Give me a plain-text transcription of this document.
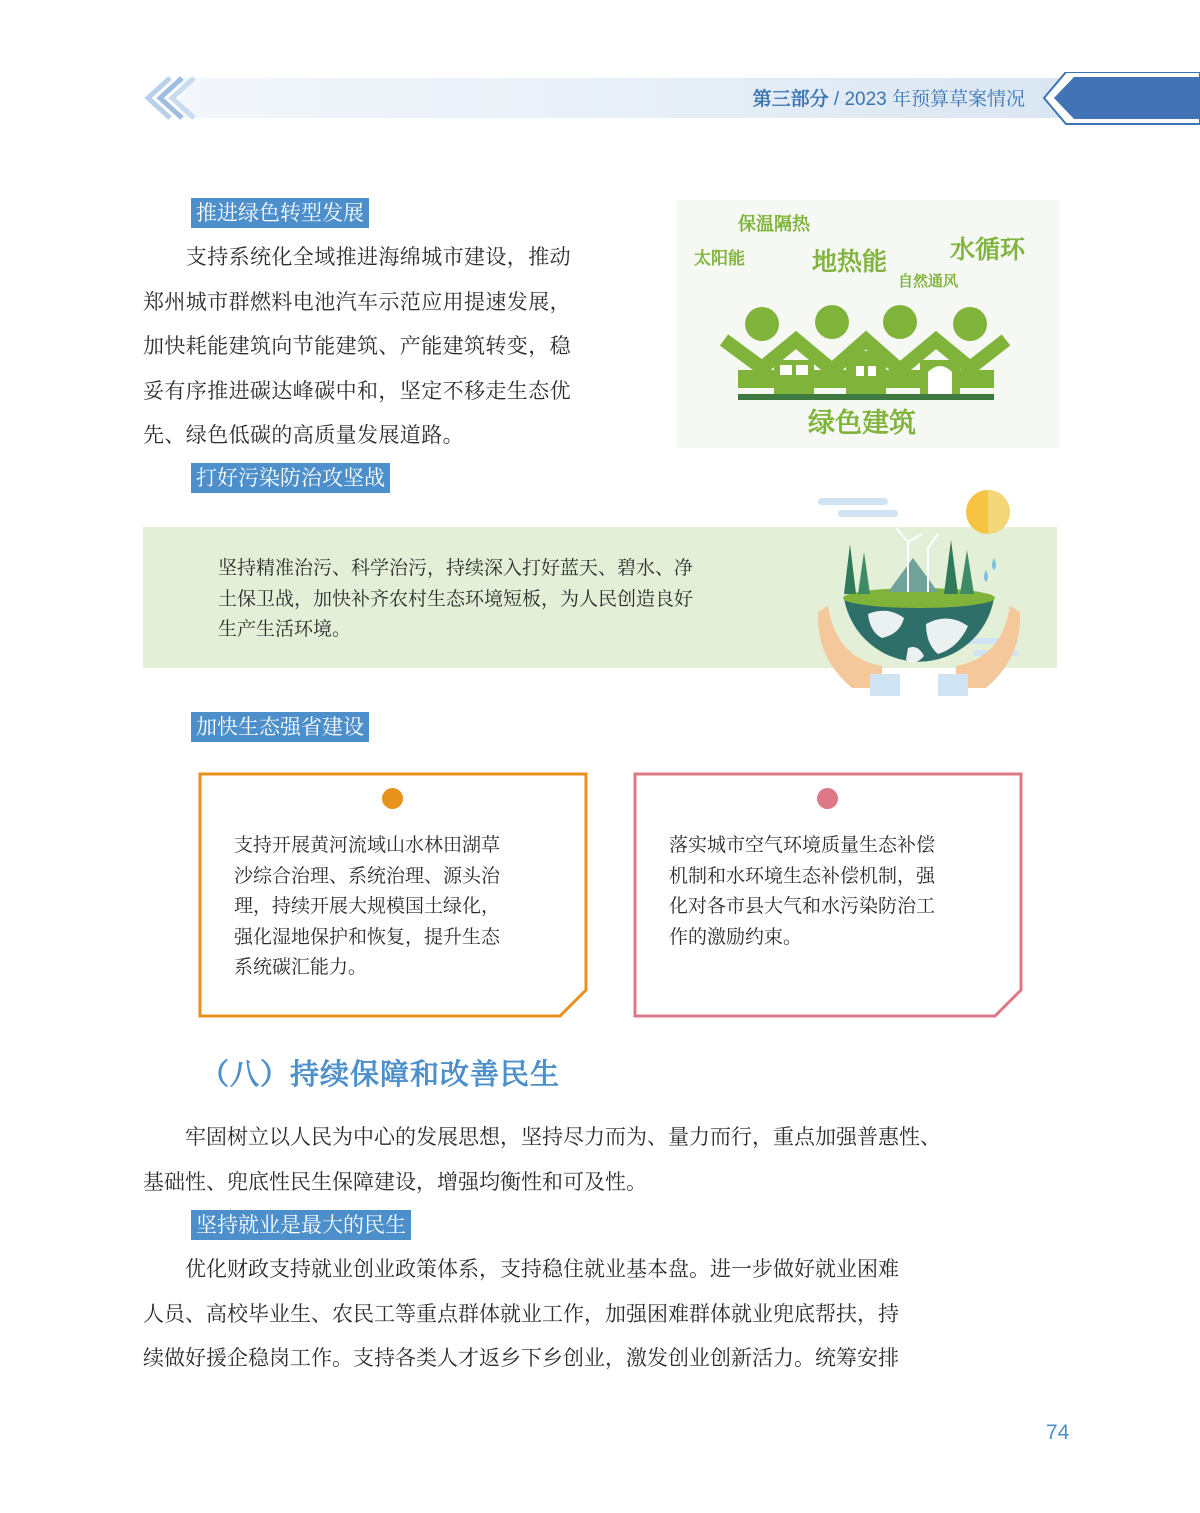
第三部分 / 2023 年预算草案情况
推进绿色转型发展
　　支持系统化全域推进海绵城市建设，推动
郑州城市群燃料电池汽车示范应用提速发展，
加快耗能建筑向节能建筑、产能建筑转变，稳
妥有序推进碳达峰碳中和，坚定不移走生态优
先、绿色低碳的高质量发展道路。
保温隔热
太阳能	地热能	水循环
自然通风
绿色建筑
打好污染防治攻坚战
坚持精准治污、科学治污，持续深入打好蓝天、碧水、净
土保卫战，加快补齐农村生态环境短板，为人民创造良好
生产生活环境。
加快生态强省建设
支持开展黄河流域山水林田湖草
沙综合治理、系统治理、源头治
理，持续开展大规模国土绿化，
强化湿地保护和恢复，提升生态
系统碳汇能力。
落实城市空气环境质量生态补偿
机制和水环境生态补偿机制，强
化对各市县大气和水污染防治工
作的激励约束。
（八）持续保障和改善民生
　　牢固树立以人民为中心的发展思想，坚持尽力而为、量力而行，重点加强普惠性、
基础性、兜底性民生保障建设，增强均衡性和可及性。
坚持就业是最大的民生
　　优化财政支持就业创业政策体系，支持稳住就业基本盘。进一步做好就业困难
人员、高校毕业生、农民工等重点群体就业工作，加强困难群体就业兜底帮扶，持
续做好援企稳岗工作。支持各类人才返乡下乡创业，激发创业创新活力。统筹安排
74
